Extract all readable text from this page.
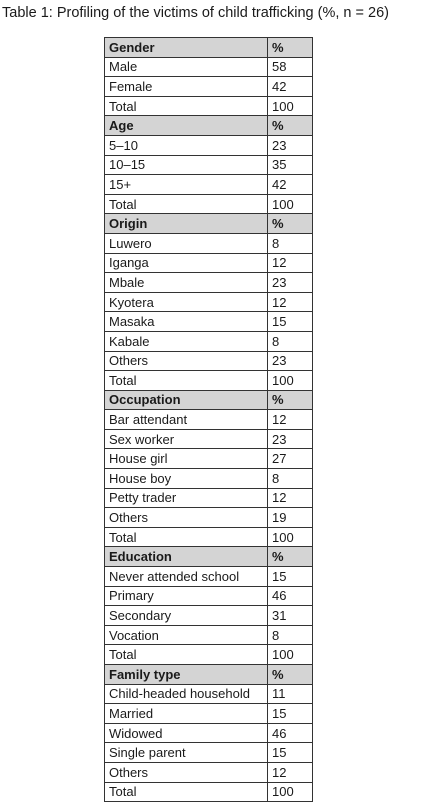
Table 1: Profiling of the victims of child trafficking (%, n = 26)
Gender	%
Male	58
Female	42
Total	100
Age	%
5–10	23
10–15	35
15+	42
Total	100
Origin	%
Luwero	8
Iganga	12
Mbale	23
Kyotera	12
Masaka	15
Kabale	8
Others	23
Total	100
Occupation	%
Bar attendant	12
Sex worker	23
House girl	27
House boy	8
Petty trader	12
Others	19
Total	100
Education	%
Never attended school	15
Primary	46
Secondary	31
Vocation	8
Total	100
Family type	%
Child-headed household	11
Married	15
Widowed	46
Single parent	15
Others	12
Total	100
